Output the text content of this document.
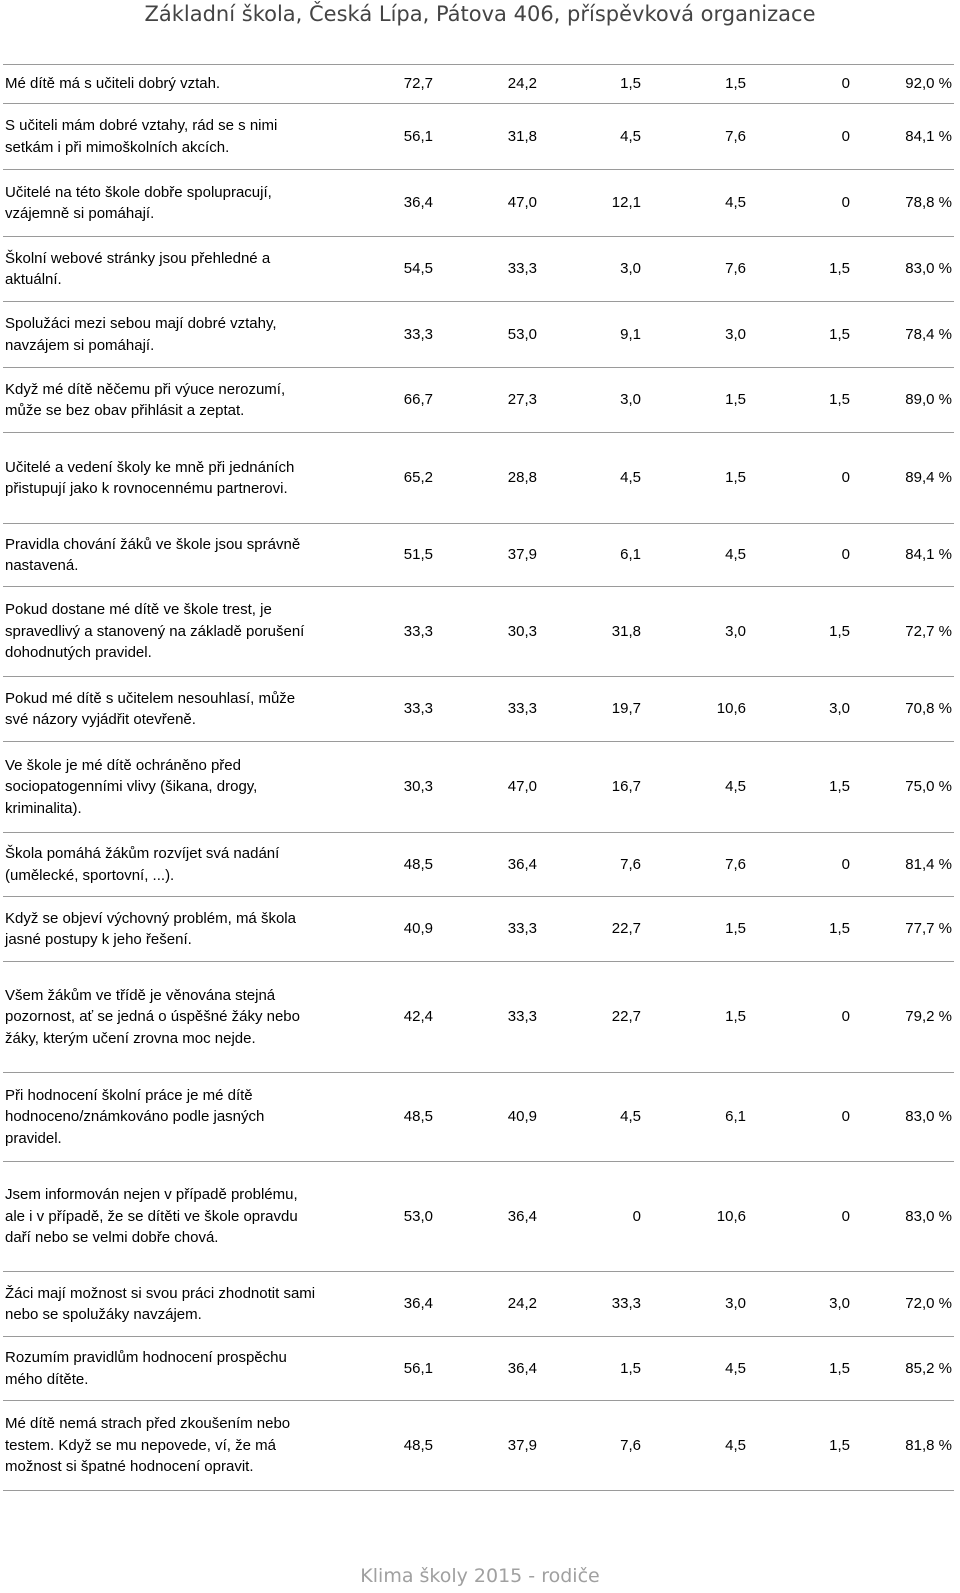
Základní škola, Česká Lípa, Pátova 406, příspěvková organizace
Mé dítě má s učiteli dobrý vztah.	72,7	24,2	1,5	1,5	0	92,0 %
S učiteli mám dobré vztahy, rád se s nimi setkám i při mimoškolních akcích.	56,1	31,8	4,5	7,6	0	84,1 %
Učitelé na této škole dobře spolupracují, vzájemně si pomáhají.	36,4	47,0	12,1	4,5	0	78,8 %
Školní webové stránky jsou přehledné a aktuální.	54,5	33,3	3,0	7,6	1,5	83,0 %
Spolužáci mezi sebou mají dobré vztahy, navzájem si pomáhají.	33,3	53,0	9,1	3,0	1,5	78,4 %
Když mé dítě něčemu při výuce nerozumí, může se bez obav přihlásit a zeptat.	66,7	27,3	3,0	1,5	1,5	89,0 %
Učitelé a vedení školy ke mně při jednáních přistupují jako k rovnocennému partnerovi.	65,2	28,8	4,5	1,5	0	89,4 %
Pravidla chování žáků ve škole jsou správně nastavená.	51,5	37,9	6,1	4,5	0	84,1 %
Pokud dostane mé dítě ve škole trest, je spravedlivý a stanovený na základě porušení dohodnutých pravidel.	33,3	30,3	31,8	3,0	1,5	72,7 %
Pokud mé dítě s učitelem nesouhlasí, může své názory vyjádřit otevřeně.	33,3	33,3	19,7	10,6	3,0	70,8 %
Ve škole je mé dítě ochráněno před sociopatogenními vlivy (šikana, drogy, kriminalita).	30,3	47,0	16,7	4,5	1,5	75,0 %
Škola pomáhá žákům rozvíjet svá nadání (umělecké, sportovní, ...).	48,5	36,4	7,6	7,6	0	81,4 %
Když se objeví výchovný problém, má škola jasné postupy k jeho řešení.	40,9	33,3	22,7	1,5	1,5	77,7 %
Všem žákům ve třídě je věnována stejná pozornost, ať se jedná o úspěšné žáky nebo žáky, kterým učení zrovna moc nejde.	42,4	33,3	22,7	1,5	0	79,2 %
Při hodnocení školní práce je mé dítě hodnoceno/známkováno podle jasných pravidel.	48,5	40,9	4,5	6,1	0	83,0 %
Jsem informován nejen v případě problému, ale i v případě, že se dítěti ve škole opravdu daří nebo se velmi dobře chová.	53,0	36,4	0	10,6	0	83,0 %
Žáci mají možnost si svou práci zhodnotit sami nebo se spolužáky navzájem.	36,4	24,2	33,3	3,0	3,0	72,0 %
Rozumím pravidlům hodnocení prospěchu mého dítěte.	56,1	36,4	1,5	4,5	1,5	85,2 %
Mé dítě nemá strach před zkoušením nebo testem. Když se mu nepovede, ví, že má možnost si špatné hodnocení opravit.	48,5	37,9	7,6	4,5	1,5	81,8 %
Klima školy 2015 - rodiče
